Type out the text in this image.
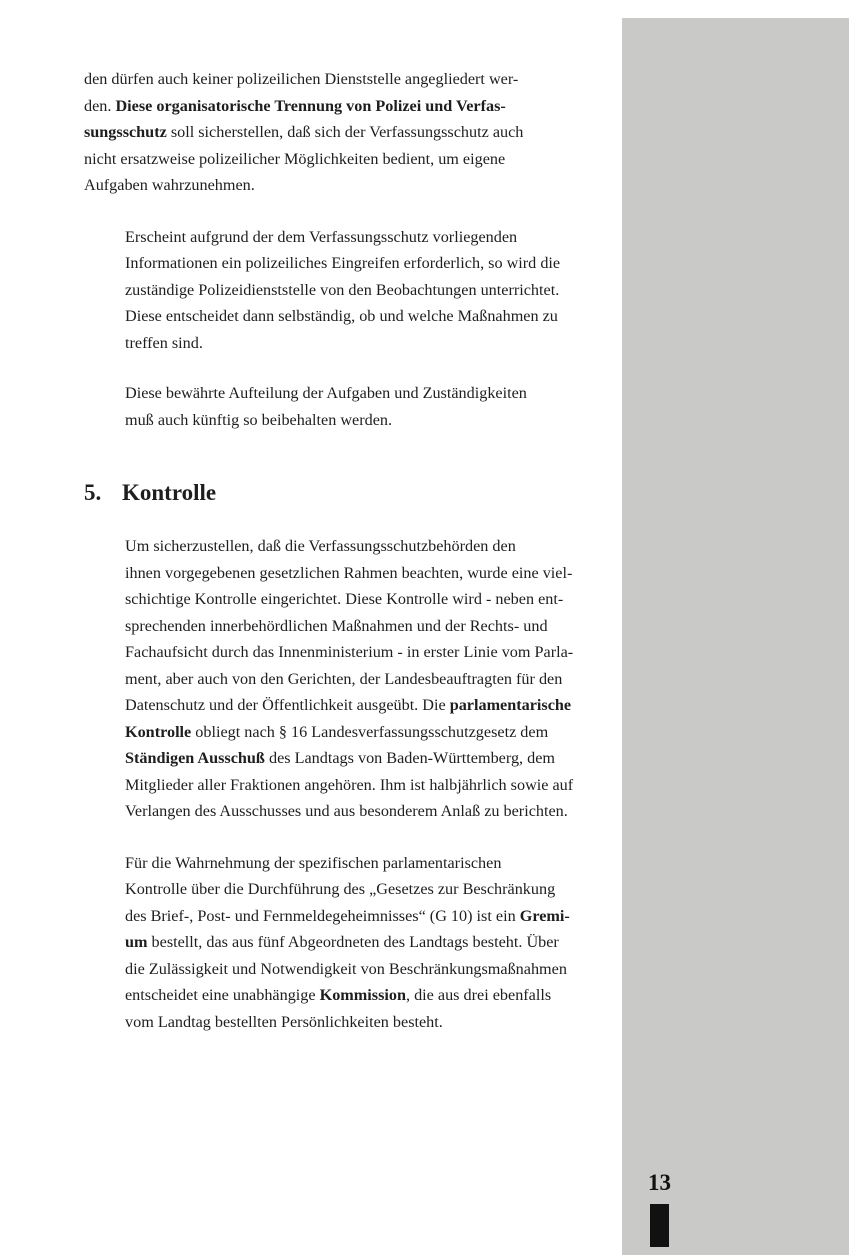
den dürfen auch keiner polizeilichen Dienststelle angegliedert wer-
den. Diese organisatorische Trennung von Polizei und Verfas-
sungsschutz soll sicherstellen, daß sich der Verfassungsschutz auch
nicht ersatzweise polizeilicher Möglichkeiten bedient, um eigene
Aufgaben wahrzunehmen.

Erscheint aufgrund der dem Verfassungsschutz vorliegenden
Informationen ein polizeiliches Eingreifen erforderlich, so wird die
zuständige Polizeidienststelle von den Beobachtungen unterrichtet.
Diese entscheidet dann selbständig, ob und welche Maßnahmen zu
treffen sind.

Diese bewährte Aufteilung der Aufgaben und Zuständigkeiten
muß auch künftig so beibehalten werden.

5. Kontrolle

Um sicherzustellen, daß die Verfassungsschutzbehörden den
ihnen vorgegebenen gesetzlichen Rahmen beachten, wurde eine viel-
schichtige Kontrolle eingerichtet. Diese Kontrolle wird - neben ent-
sprechenden innerbehördlichen Maßnahmen und der Rechts- und
Fachaufsicht durch das Innenministerium - in erster Linie vom Parla-
ment, aber auch von den Gerichten, der Landesbeauftragten für den
Datenschutz und der Öffentlichkeit ausgeübt. Die parlamentarische
Kontrolle obliegt nach § 16 Landesverfassungsschutzgesetz dem
Ständigen Ausschuß des Landtags von Baden-Württemberg, dem
Mitglieder aller Fraktionen angehören. Ihm ist halbjährlich sowie auf
Verlangen des Ausschusses und aus besonderem Anlaß zu berichten.

Für die Wahrnehmung der spezifischen parlamentarischen
Kontrolle über die Durchführung des „Gesetzes zur Beschränkung
des Brief-, Post- und Fernmeldegeheimnisses“ (G 10) ist ein Gremi-
um bestellt, das aus fünf Abgeordneten des Landtags besteht. Über
die Zulässigkeit und Notwendigkeit von Beschränkungsmaßnahmen
entscheidet eine unabhängige Kommission, die aus drei ebenfalls
vom Landtag bestellten Persönlichkeiten besteht.

13
